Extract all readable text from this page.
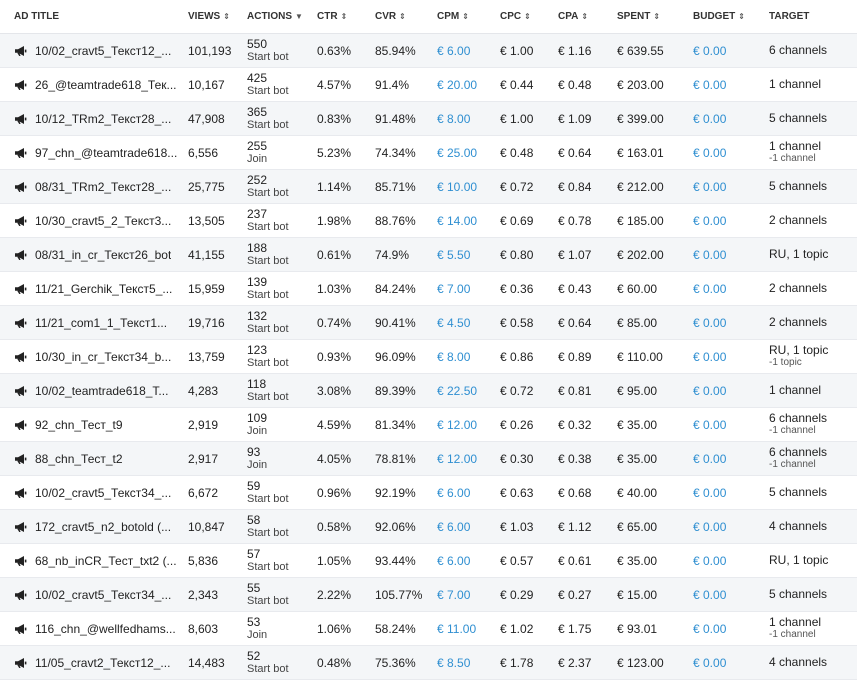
AD TITLE	VIEWS ⇕	ACTIONS ▼	CTR ⇕	CVR ⇕	CPM ⇕	CPC ⇕	CPA ⇕	SPENT ⇕	BUDGET ⇕	TARGET

10/02_cravt5_Текст12_...	101,193	550
Start bot	0.63%	85.94%	€ 6.00	€ 1.00	€ 1.16	€ 639.55	€ 0.00	6 channels

26_@teamtrade618_Тек...	10,167	425
Start bot	4.57%	91.4%	€ 20.00	€ 0.44	€ 0.48	€ 203.00	€ 0.00	1 channel

10/12_TRm2_Текст28_...	47,908	365
Start bot	0.83%	91.48%	€ 8.00	€ 1.00	€ 1.09	€ 399.00	€ 0.00	5 channels

97_chn_@teamtrade618...	6,556	255
Join	5.23%	74.34%	€ 25.00	€ 0.48	€ 0.64	€ 163.01	€ 0.00	1 channel
-1 channel

08/31_TRm2_Текст28_...	25,775	252
Start bot	1.14%	85.71%	€ 10.00	€ 0.72	€ 0.84	€ 212.00	€ 0.00	5 channels

10/30_cravt5_2_Текст3...	13,505	237
Start bot	1.98%	88.76%	€ 14.00	€ 0.69	€ 0.78	€ 185.00	€ 0.00	2 channels

08/31_in_cr_Текст26_bot	41,155	188
Start bot	0.61%	74.9%	€ 5.50	€ 0.80	€ 1.07	€ 202.00	€ 0.00	RU, 1 topic

11/21_Gerchik_Текст5_...	15,959	139
Start bot	1.03%	84.24%	€ 7.00	€ 0.36	€ 0.43	€ 60.00	€ 0.00	2 channels

11/21_com1_1_Текст1...	19,716	132
Start bot	0.74%	90.41%	€ 4.50	€ 0.58	€ 0.64	€ 85.00	€ 0.00	2 channels

10/30_in_cr_Текст34_b...	13,759	123
Start bot	0.93%	96.09%	€ 8.00	€ 0.86	€ 0.89	€ 110.00	€ 0.00	RU, 1 topic
-1 topic

10/02_teamtrade618_T...	4,283	118
Start bot	3.08%	89.39%	€ 22.50	€ 0.72	€ 0.81	€ 95.00	€ 0.00	1 channel

92_chn_Тест_t9	2,919	109
Join	4.59%	81.34%	€ 12.00	€ 0.26	€ 0.32	€ 35.00	€ 0.00	6 channels
-1 channel

88_chn_Тест_t2	2,917	93
Join	4.05%	78.81%	€ 12.00	€ 0.30	€ 0.38	€ 35.00	€ 0.00	6 channels
-1 channel

10/02_cravt5_Текст34_...	6,672	59
Start bot	0.96%	92.19%	€ 6.00	€ 0.63	€ 0.68	€ 40.00	€ 0.00	5 channels

172_cravt5_n2_botold (...	10,847	58
Start bot	0.58%	92.06%	€ 6.00	€ 1.03	€ 1.12	€ 65.00	€ 0.00	4 channels

68_nb_inCR_Тест_txt2 (...	5,836	57
Start bot	1.05%	93.44%	€ 6.00	€ 0.57	€ 0.61	€ 35.00	€ 0.00	RU, 1 topic

10/02_cravt5_Текст34_...	2,343	55
Start bot	2.22%	105.77%	€ 7.00	€ 0.29	€ 0.27	€ 15.00	€ 0.00	5 channels

116_chn_@wellfedhams...	8,603	53
Join	1.06%	58.24%	€ 11.00	€ 1.02	€ 1.75	€ 93.01	€ 0.00	1 channel
-1 channel

11/05_cravt2_Текст12_...	14,483	52
Start bot	0.48%	75.36%	€ 8.50	€ 1.78	€ 2.37	€ 123.00	€ 0.00	4 channels
